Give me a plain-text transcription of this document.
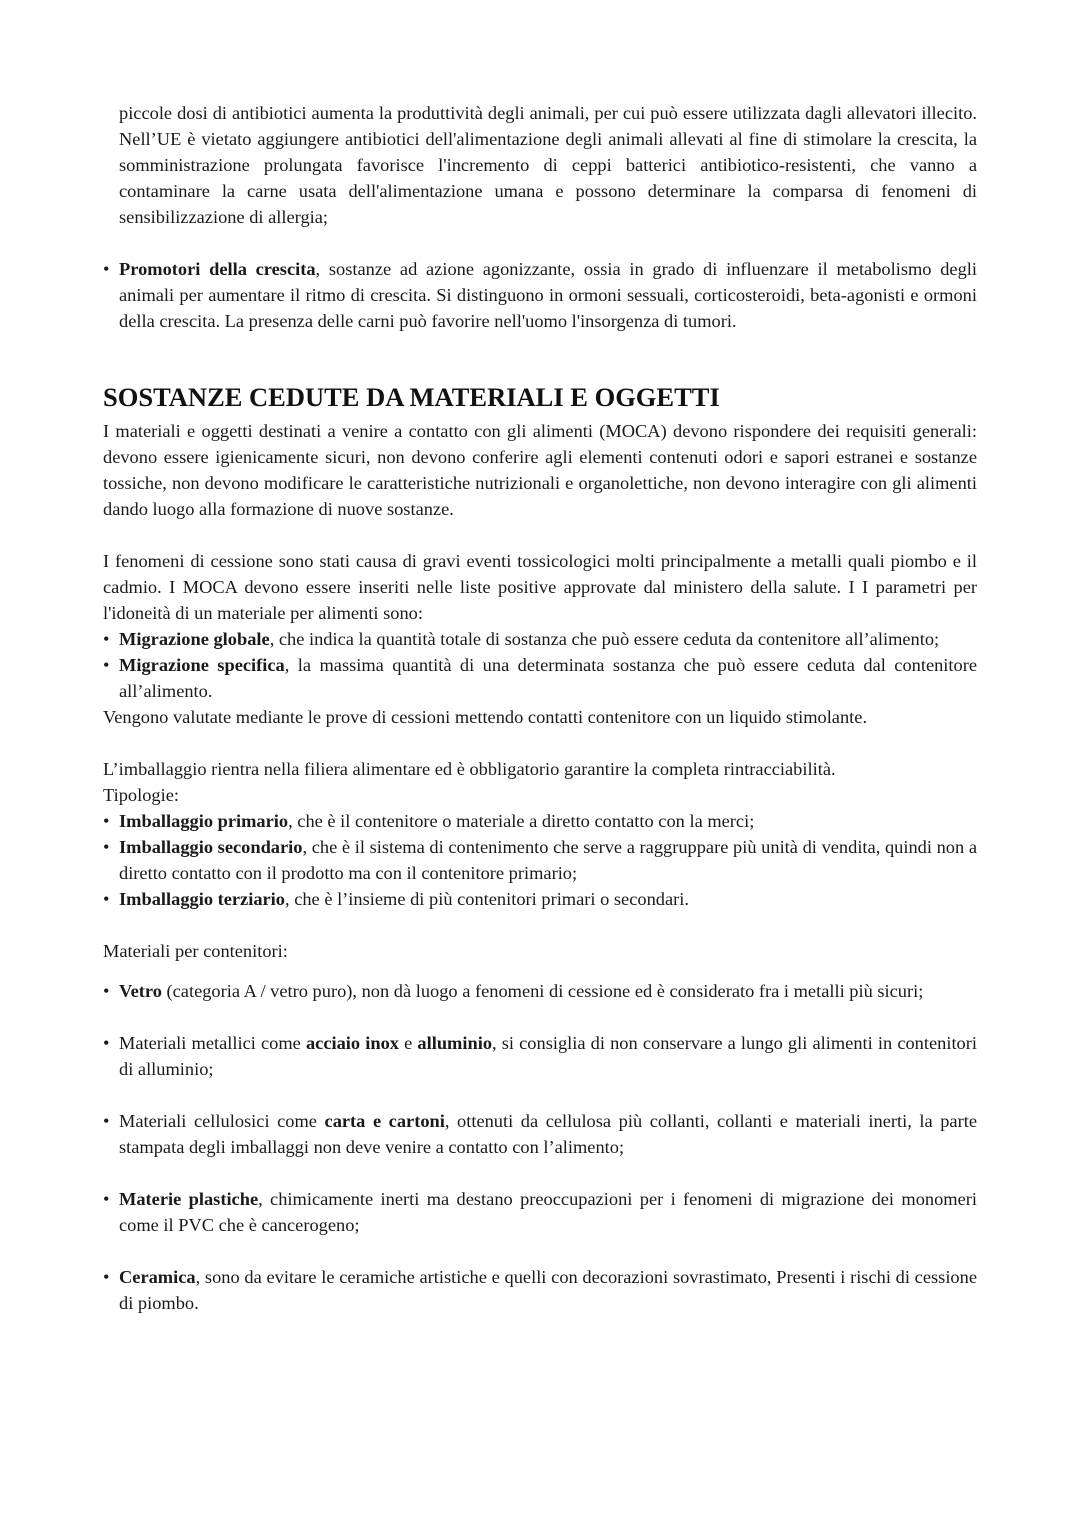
piccole dosi di antibiotici aumenta la produttività degli animali, per cui può essere utilizzata dagli allevatori illecito. Nell’UE è vietato aggiungere antibiotici dell'alimentazione degli animali allevati al fine di stimolare la crescita, la somministrazione prolungata favorisce l'incremento di ceppi batterici antibiotico-resistenti, che vanno a contaminare la carne usata dell'alimentazione umana e possono determinare la comparsa di fenomeni di sensibilizzazione di allergia;

• Promotori della crescita, sostanze ad azione agonizzante, ossia in grado di influenzare il metabolismo degli animali per aumentare il ritmo di crescita. Si distinguono in ormoni sessuali, corticosteroidi, beta-agonisti e ormoni della crescita. La presenza delle carni può favorire nell'uomo l'insorgenza di tumori.
SOSTANZE CEDUTE DA MATERIALI E OGGETTI

I materiali e oggetti destinati a venire a contatto con gli alimenti (MOCA) devono rispondere dei requisiti generali: devono essere igienicamente sicuri, non devono conferire agli elementi contenuti odori e sapori estranei e sostanze tossiche, non devono modificare le caratteristiche nutrizionali e organolettiche, non devono interagire con gli alimenti dando luogo alla formazione di nuove sostanze.

I fenomeni di cessione sono stati causa di gravi eventi tossicologici molti principalmente a metalli quali piombo e il cadmio. I MOCA devono essere inseriti nelle liste positive approvate dal ministero della salute. I I parametri per l'idoneità di un materiale per alimenti sono:

• Migrazione globale, che indica la quantità totale di sostanza che può essere ceduta da contenitore all’alimento;
• Migrazione specifica, la massima quantità di una determinata sostanza che può essere ceduta dal contenitore all’alimento.

Vengono valutate mediante le prove di cessioni mettendo contatti contenitore con un liquido stimolante.

L’imballaggio rientra nella filiera alimentare ed è obbligatorio garantire la completa rintracciabilità.

Tipologie:

• Imballaggio primario, che è il contenitore o materiale a diretto contatto con la merci;
• Imballaggio secondario, che è il sistema di contenimento che serve a raggruppare più unità di vendita, quindi non a diretto contatto con il prodotto ma con il contenitore primario;
• Imballaggio terziario, che è l’insieme di più contenitori primari o secondari.

Materiali per contenitori:

• Vetro (categoria A / vetro puro), non dà luogo a fenomeni di cessione ed è considerato fra i metalli più sicuri;
• Materiali metallici come acciaio inox e alluminio, si consiglia di non conservare a lungo gli alimenti in contenitori di alluminio;
• Materiali cellulosici come carta e cartoni, ottenuti da cellulosa più collanti, collanti e materiali inerti, la parte stampata degli imballaggi non deve venire a contatto con l’alimento;
• Materie plastiche, chimicamente inerti ma destano preoccupazioni per i fenomeni di migrazione dei monomeri come il PVC che è cancerogeno;
• Ceramica, sono da evitare le ceramiche artistiche e quelli con decorazioni sovrastimato, Presenti i rischi di cessione di piombo.
